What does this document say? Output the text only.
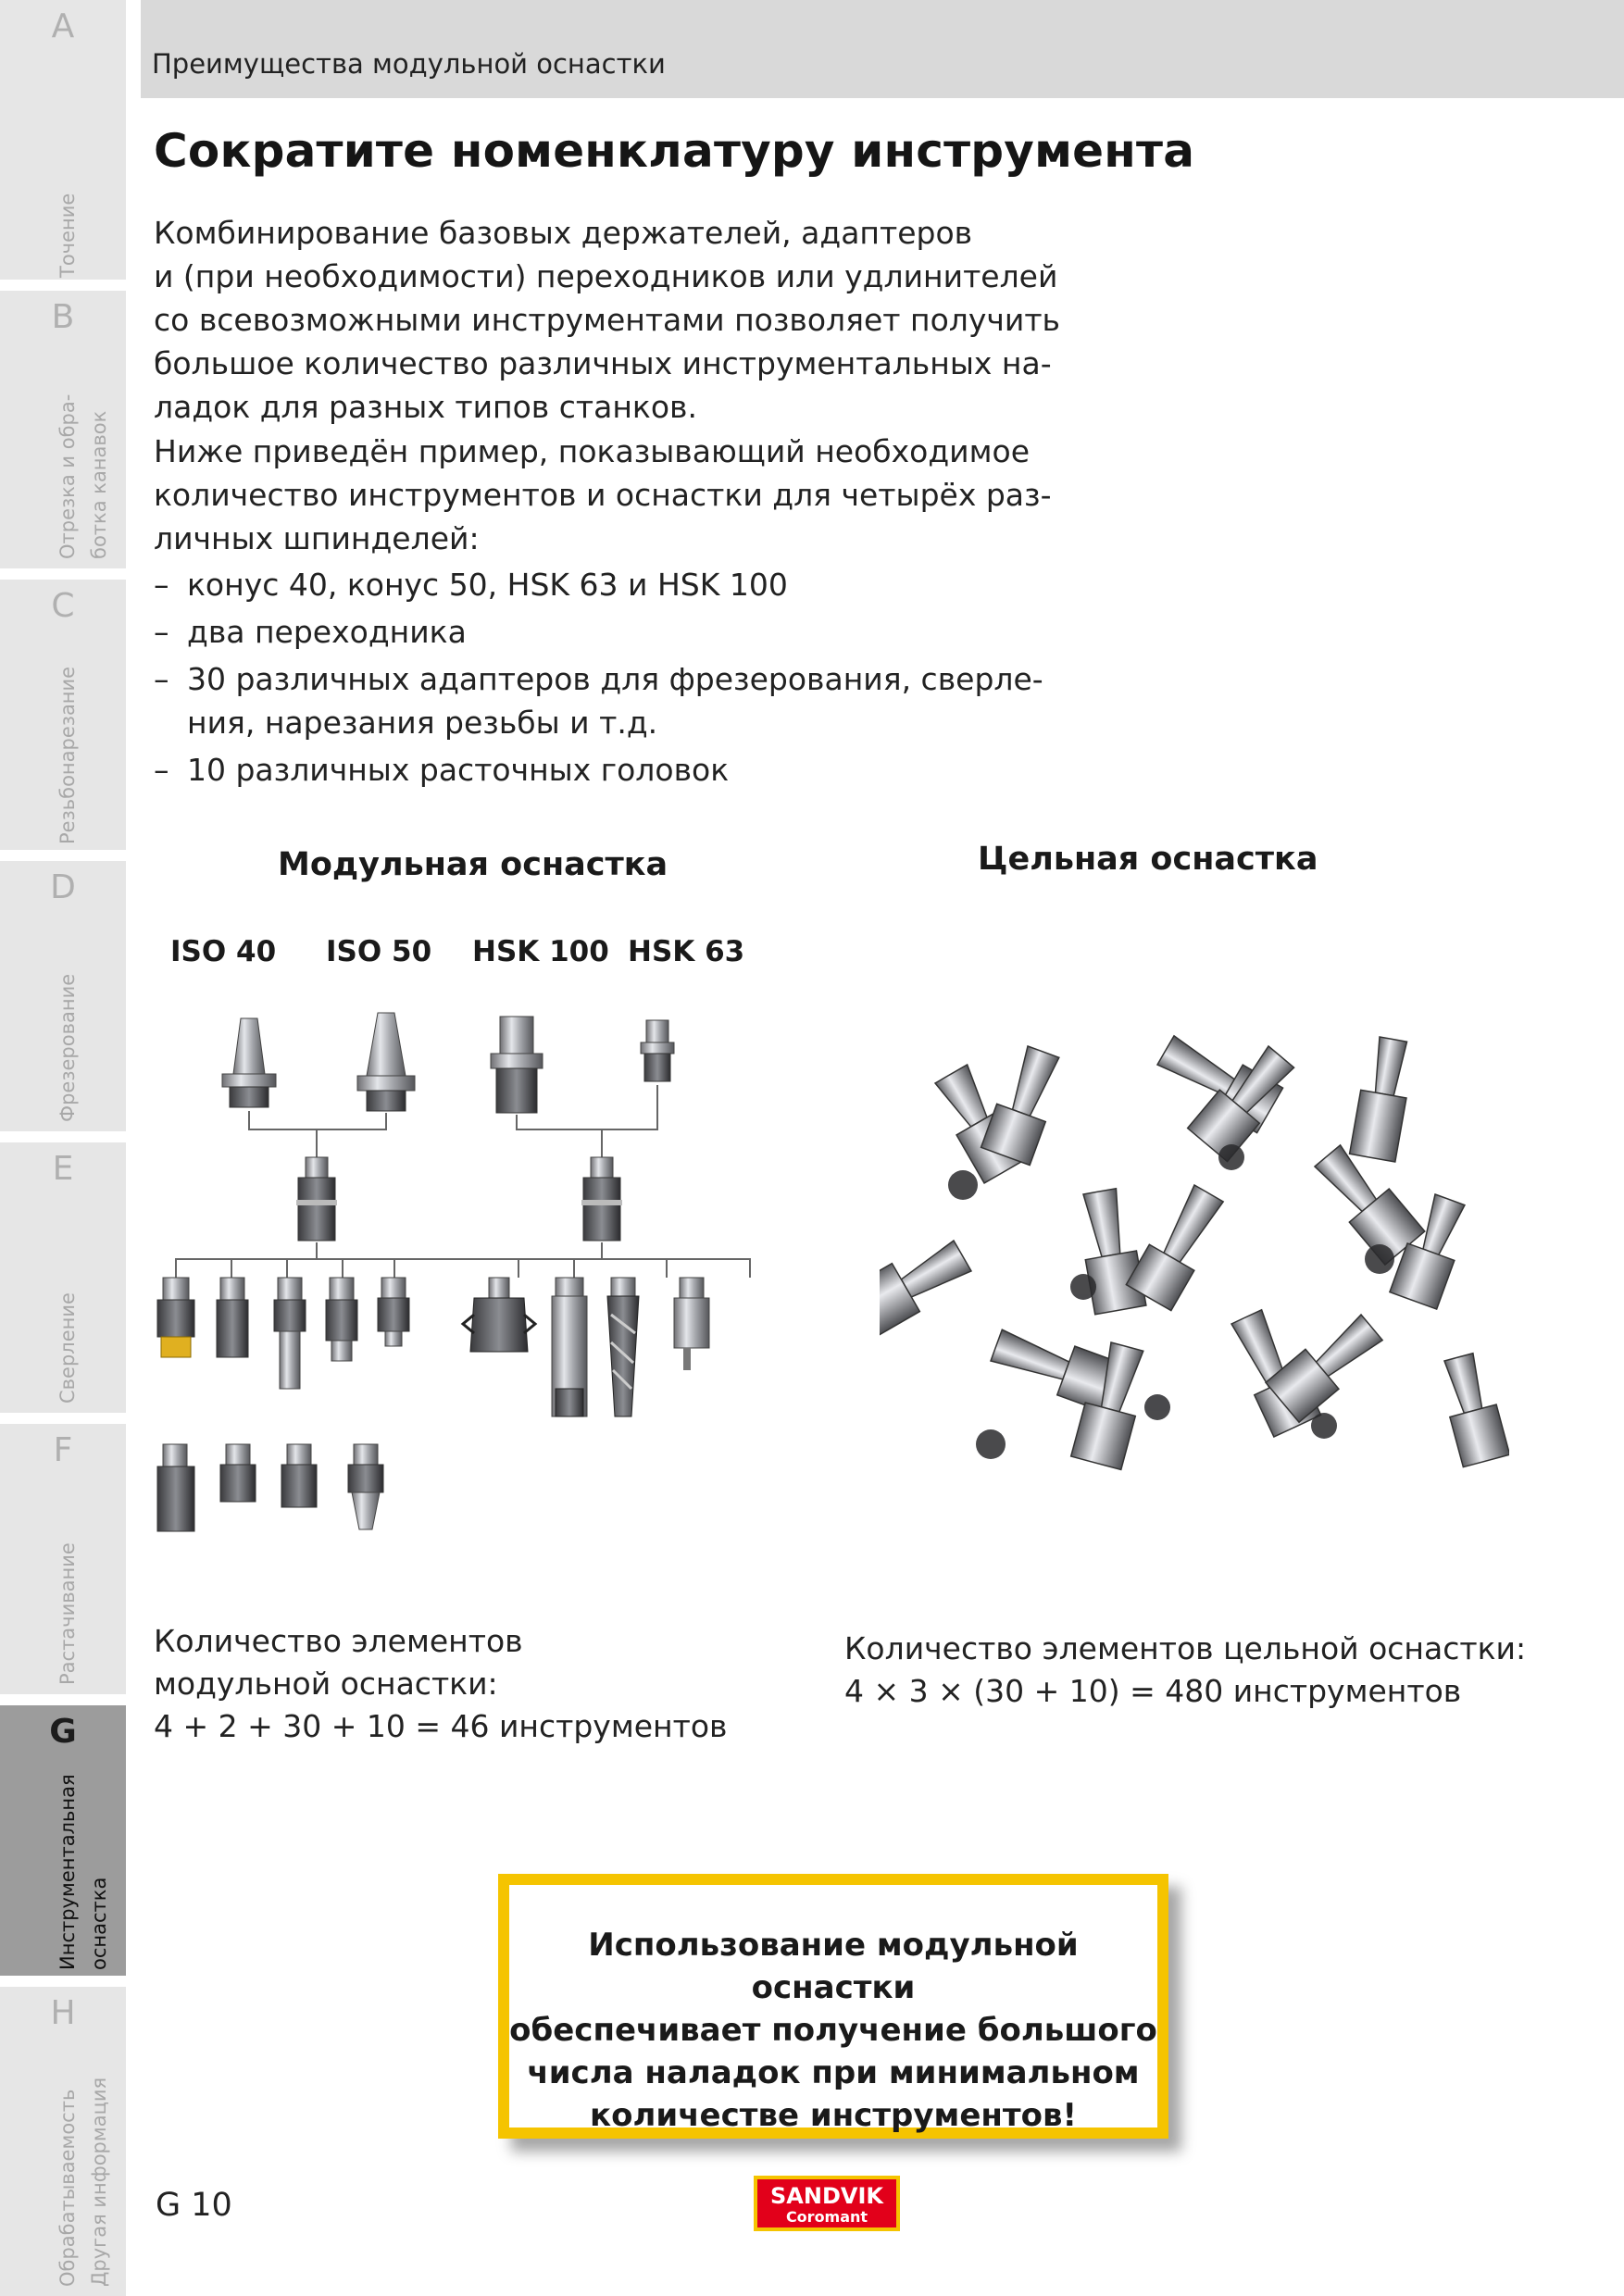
A
Точение
B
Отрезка и обра- ботка канавок
C
Резьбонарезание
D
Фрезерование
E
Сверление
F
Растачивание
G
Инструментальная оснастка
H
Обрабатываемость Другая информация
Преимущества модульной оснастки
Сократите номенклатуру инструмента
Комбинирование базовых держателей, адаптеров
и (при необходимости) переходников или удлинителей
со всевозможными инструментами позволяет получить
большое количество различных инструментальных на-
ладок для разных типов станков.
Ниже приведён пример, показывающий необходимое
количество инструментов и оснастки для четырёх раз-
личных шпинделей:
– конус 40, конус 50, HSK 63 и HSK 100
– два переходника
– 30 различных адаптеров для фрезерования, сверле-
ния, нарезания резьбы и т.д.
– 10 различных расточных головок
Модульная оснастка	Цельная оснастка
ISO 40 ISO 50 HSK 100 HSK 63
Количество элементов
модульной оснастки:
4 + 2 + 30 + 10 = 46 инструментов
Количество элементов цельной оснастки:
4 × 3 × (30 + 10) = 480 инструментов
Использование модульной оснастки
обеспечивает получение большого
числа наладок при минимальном
количестве инструментов!
G 10	SANDVIK
Coromant
